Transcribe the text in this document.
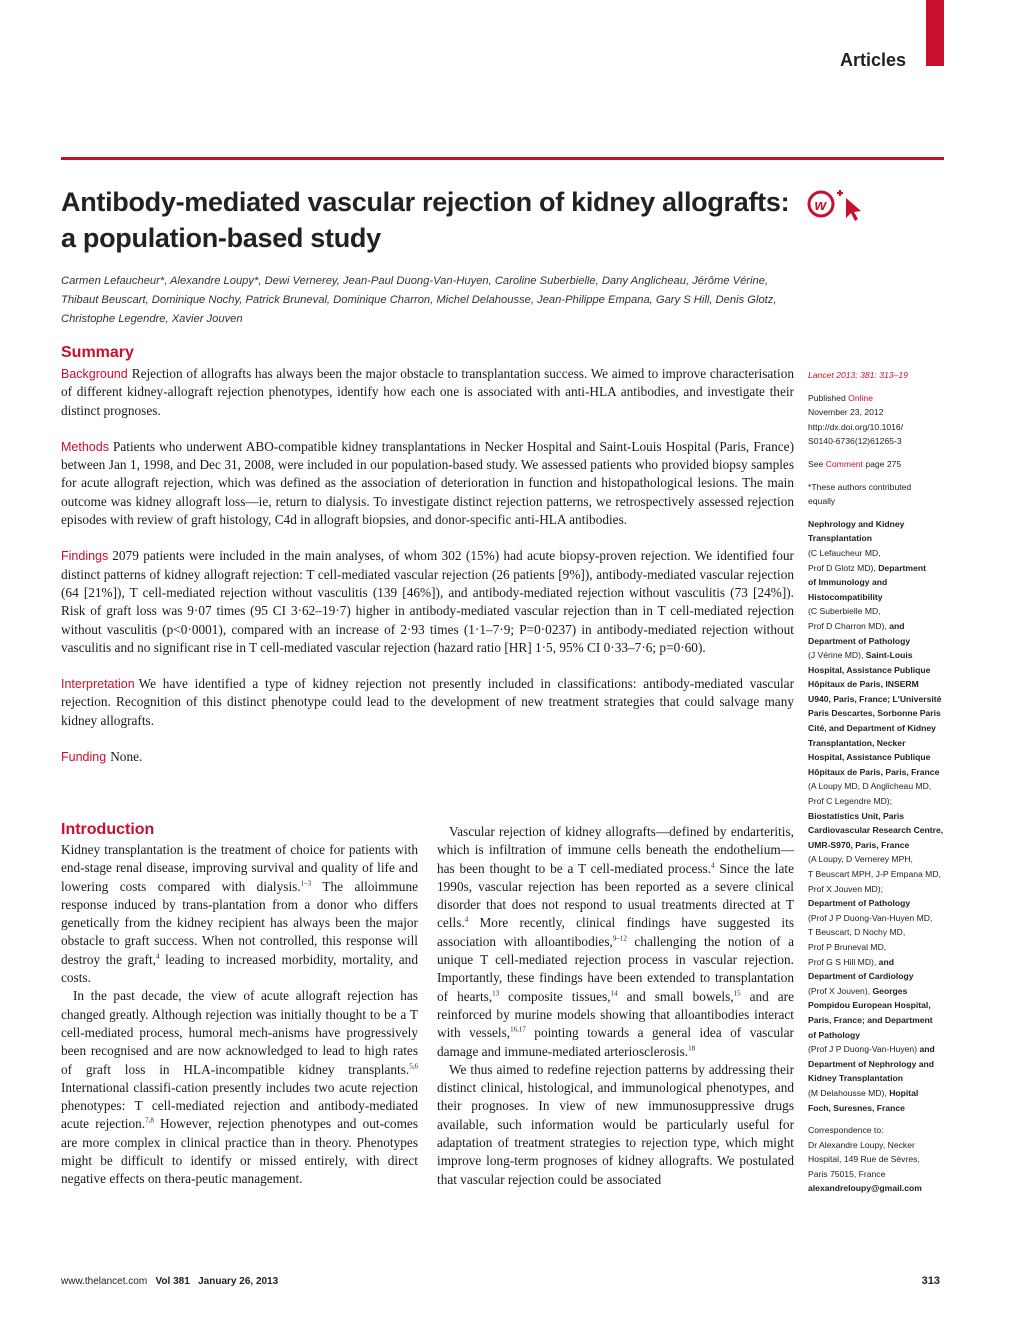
Articles
Antibody-mediated vascular rejection of kidney allografts:
a population-based study
w
Carmen Lefaucheur*, Alexandre Loupy*, Dewi Vernerey, Jean-Paul Duong-Van-Huyen, Caroline Suberbielle, Dany Anglicheau, Jérôme Vérine,
Thibaut Beuscart, Dominique Nochy, Patrick Bruneval, Dominique Charron, Michel Delahousse, Jean-Philippe Empana, Gary S Hill, Denis Glotz,
Christophe Legendre, Xavier Jouven
Summary

Background Rejection of allografts has always been the major obstacle to transplantation success. We aimed to improve characterisation of different kidney-allograft rejection phenotypes, identify how each one is associated with anti-HLA antibodies, and investigate their distinct prognoses.

Methods Patients who underwent ABO-compatible kidney transplantations in Necker Hospital and Saint-Louis Hospital (Paris, France) between Jan 1, 1998, and Dec 31, 2008, were included in our population-based study. We assessed patients who provided biopsy samples for acute allograft rejection, which was defined as the association of deterioration in function and histopathological lesions. The main outcome was kidney allograft loss—ie, return to dialysis. To investigate distinct rejection patterns, we retrospectively assessed rejection episodes with review of graft histology, C4d in allograft biopsies, and donor-specific anti-HLA antibodies.

Findings 2079 patients were included in the main analyses, of whom 302 (15%) had acute biopsy-proven rejection. We identified four distinct patterns of kidney allograft rejection: T cell-mediated vascular rejection (26 patients [9%]), antibody-mediated vascular rejection (64 [21%]), T cell-mediated rejection without vasculitis (139 [46%]), and antibody-mediated rejection without vasculitis (73 [24%]). Risk of graft loss was 9·07 times (95 CI 3·62–19·7) higher in antibody-mediated vascular rejection than in T cell-mediated rejection without vasculitis (p<0·0001), compared with an increase of 2·93 times (1·1–7·9; P=0·0237) in antibody-mediated rejection without vasculitis and no significant rise in T cell-mediated vascular rejection (hazard ratio [HR] 1·5, 95% CI 0·33–7·6; p=0·60).

Interpretation We have identified a type of kidney rejection not presently included in classifications: antibody-mediated vascular rejection. Recognition of this distinct phenotype could lead to the development of new treatment strategies that could salvage many kidney allografts.

Funding None.

Introduction

Kidney transplantation is the treatment of choice for patients with end-stage renal disease, improving survival and quality of life and lowering costs compared with dialysis.$^{1-3}$ The alloimmune response induced by trans-plantation from a donor who differs genetically from the kidney recipient has always been the major obstacle to graft success. When not controlled, this response will destroy the graft,$^4$ leading to increased morbidity, mortality, and costs.

In the past decade, the view of acute allograft rejection has changed greatly. Although rejection was initially thought to be a T cell-mediated process, humoral mech-anisms have progressively been recognised and are now acknowledged to lead to high rates of graft loss in HLA-incompatible kidney transplants.$^{5,6}$ International classifi-cation presently includes two acute rejection phenotypes: T cell-mediated rejection and antibody-mediated acute rejection.$^{7,8}$ However, rejection phenotypes and out-comes are more complex in clinical practice than in theory. Phenotypes might be difficult to identify or missed entirely, with direct negative effects on thera-peutic management.

Vascular rejection of kidney allografts—defined by endarteritis, which is infiltration of immune cells beneath the endothelium—has been thought to be a T cell-mediated process.$^4$ Since the late 1990s, vascular rejection has been reported as a severe clinical disorder that does not respond to usual treatments directed at T cells.$^4$ More recently, clinical findings have suggested its association with alloantibodies,$^{9-12}$ challenging the notion of a unique T cell-mediated rejection process in vascular rejection. Importantly, these findings have been extended to transplantation of hearts,$^{13}$ composite tissues,$^{14}$ and small bowels,$^{15}$ and are reinforced by murine models showing that alloantibodies interact with vessels,$^{16,17}$ pointing towards a general idea of vascular damage and immune-mediated arteriosclerosis.$^{18}$

We thus aimed to redefine rejection patterns by addressing their distinct clinical, histological, and immunological phenotypes, and their prognoses. In view of new immunosuppressive drugs available, such information would be particularly useful for adaptation of treatment strategies to rejection type, which might improve long-term prognoses of kidney allografts. We postulated that vascular rejection could be associated

Lancet 2013; 381: 313–19
Published Online
November 23, 2012
http://dx.doi.org/10.1016/
S0140-6736(12)61265-3
See Comment page 275
*These authors contributed
equally
Nephrology and Kidney
Transplantation
(C Lefaucheur MD,
Prof D Glotz MD), Department
of Immunology and
Histocompatibility
(C Suberbielle MD,
Prof D Charron MD), and
Department of Pathology
(J Vérine MD), Saint-Louis
Hospital, Assistance Publique
Hôpitaux de Paris, INSERM
U940, Paris, France; L'Université
Paris Descartes, Sorbonne Paris
Cité, and Department of Kidney
Transplantation, Necker
Hospital, Assistance Publique
Hôpitaux de Paris, Paris, France
(A Loupy MD, D Anglicheau MD,
Prof C Legendre MD);
Biostatistics Unit, Paris
Cardiovascular Research Centre,
UMR-S970, Paris, France
(A Loupy, D Vernerey MPH,
T Beuscart MPH, J-P Empana MD,
Prof X Jouven MD);
Department of Pathology
(Prof J P Duong-Van-Huyen MD,
T Beuscart, D Nochy MD,
Prof P Bruneval MD,
Prof G S Hill MD), and
Department of Cardiology
(Prof X Jouven), Georges
Pompidou European Hospital,
Paris, France; and Department
of Pathology
(Prof J P Duong-Van-Huyen) and
Department of Nephrology and
Kidney Transplantation
(M Delahousse MD), Hopital
Foch, Suresnes, France
Correspondence to:
Dr Alexandre Loupy, Necker
Hospital, 149 Rue de Sèvres,
Paris 75015, France
alexandreloupy@gmail.com
www.thelancet.com Vol 381 January 26, 2013	313
